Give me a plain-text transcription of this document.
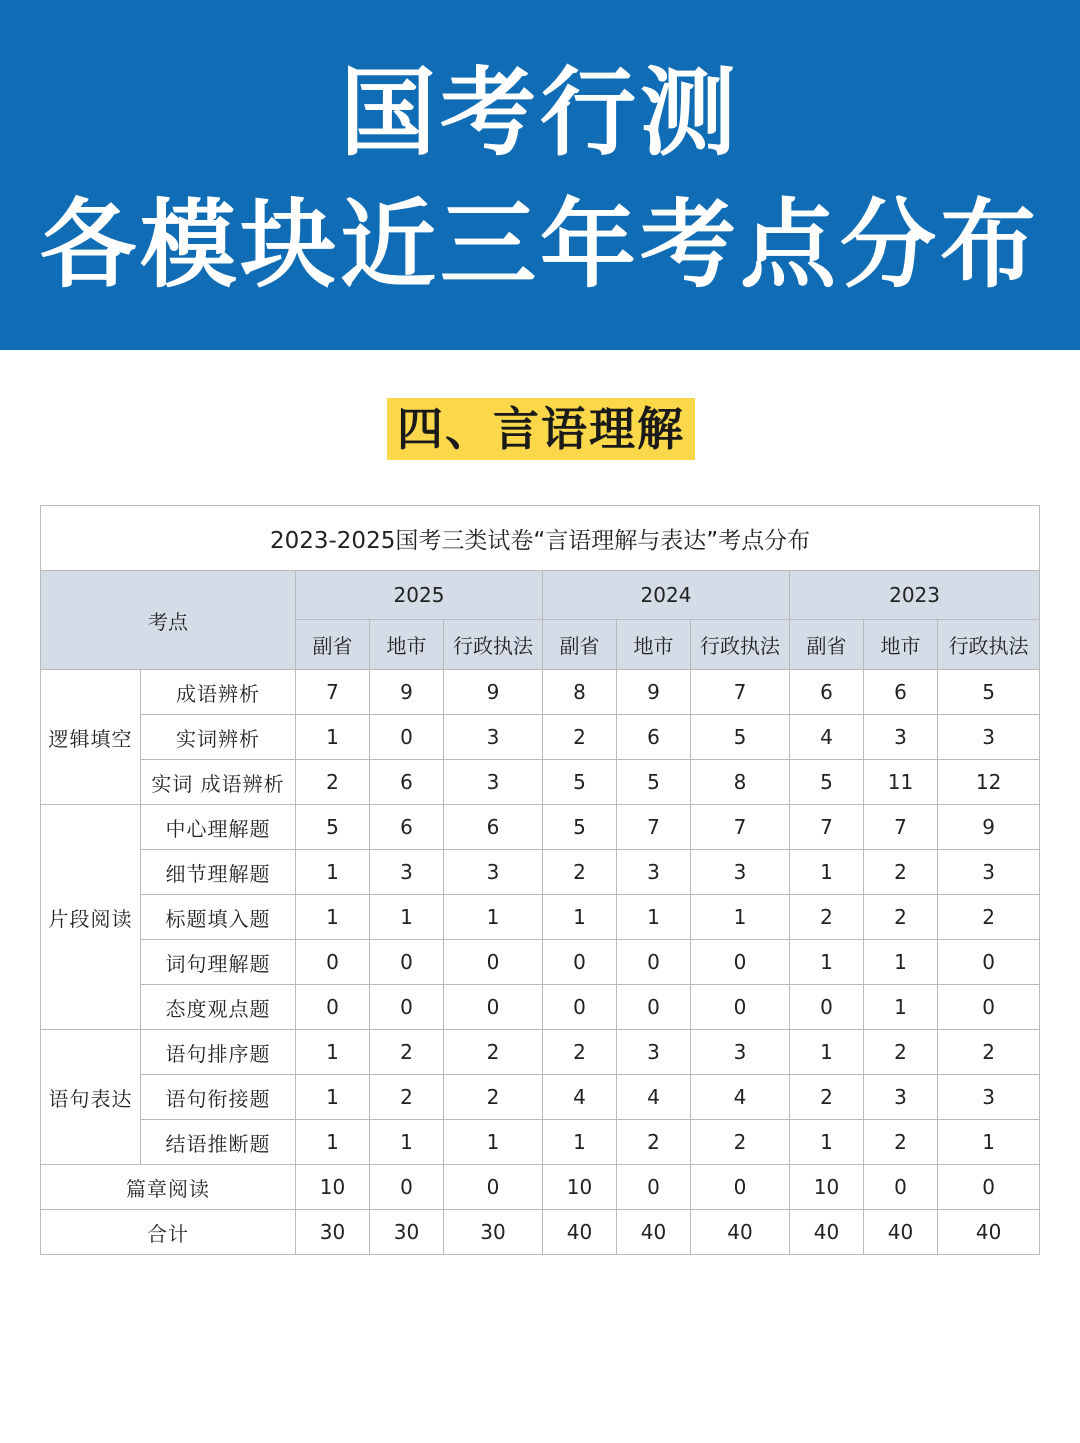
国考行测
各模块近三年考点分布
四、言语理解
2023-2025国考三类试卷“言语理解与表达”考点分布										
考点		2025			2024			2023		
		副省	地市	行政执法	副省	地市	行政执法	副省	地市	行政执法
逻辑填空	成语辨析	7	9	9	8	9	7	6	6	5
	实词辨析	1	0	3	2	6	5	4	3	3
	实词 成语辨析	2	6	3	5	5	8	5	11	12
片段阅读	中心理解题	5	6	6	5	7	7	7	7	9
	细节理解题	1	3	3	2	3	3	1	2	3
	标题填入题	1	1	1	1	1	1	2	2	2
	词句理解题	0	0	0	0	0	0	1	1	0
	态度观点题	0	0	0	0	0	0	0	1	0
语句表达	语句排序题	1	2	2	2	3	3	1	2	2
	语句衔接题	1	2	2	4	4	4	2	3	3
	结语推断题	1	1	1	1	2	2	1	2	1
篇章阅读		10	0	0	10	0	0	10	0	0
合计		30	30	30	40	40	40	40	40	40
